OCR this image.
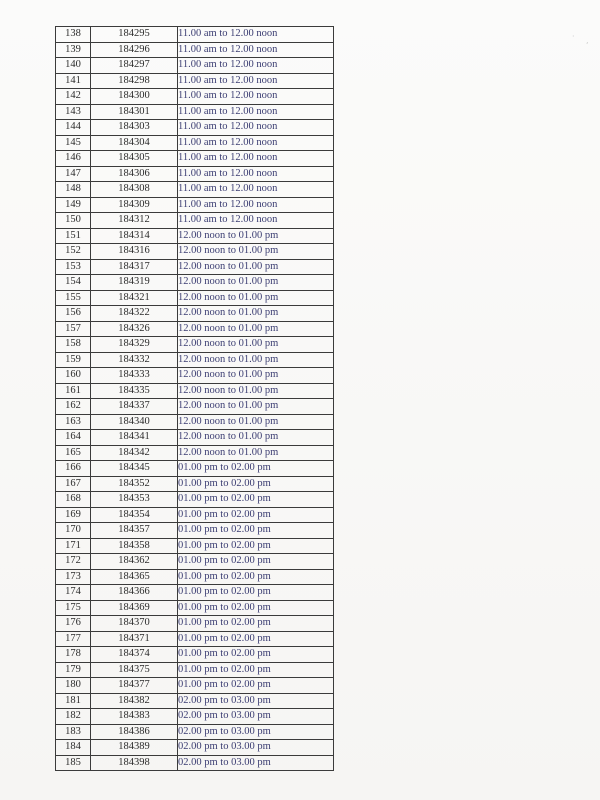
· ,
138	184295	11.00 am to 12.00 noon
139	184296	11.00 am to 12.00 noon
140	184297	11.00 am to 12.00 noon
141	184298	11.00 am to 12.00 noon
142	184300	11.00 am to 12.00 noon
143	184301	11.00 am to 12.00 noon
144	184303	11.00 am to 12.00 noon
145	184304	11.00 am to 12.00 noon
146	184305	11.00 am to 12.00 noon
147	184306	11.00 am to 12.00 noon
148	184308	11.00 am to 12.00 noon
149	184309	11.00 am to 12.00 noon
150	184312	11.00 am to 12.00 noon
151	184314	12.00 noon to 01.00 pm
152	184316	12.00 noon to 01.00 pm
153	184317	12.00 noon to 01.00 pm
154	184319	12.00 noon to 01.00 pm
155	184321	12.00 noon to 01.00 pm
156	184322	12.00 noon to 01.00 pm
157	184326	12.00 noon to 01.00 pm
158	184329	12.00 noon to 01.00 pm
159	184332	12.00 noon to 01.00 pm
160	184333	12.00 noon to 01.00 pm
161	184335	12.00 noon to 01.00 pm
162	184337	12.00 noon to 01.00 pm
163	184340	12.00 noon to 01.00 pm
164	184341	12.00 noon to 01.00 pm
165	184342	12.00 noon to 01.00 pm
166	184345	01.00 pm to 02.00 pm
167	184352	01.00 pm to 02.00 pm
168	184353	01.00 pm to 02.00 pm
169	184354	01.00 pm to 02.00 pm
170	184357	01.00 pm to 02.00 pm
171	184358	01.00 pm to 02.00 pm
172	184362	01.00 pm to 02.00 pm
173	184365	01.00 pm to 02.00 pm
174	184366	01.00 pm to 02.00 pm
175	184369	01.00 pm to 02.00 pm
176	184370	01.00 pm to 02.00 pm
177	184371	01.00 pm to 02.00 pm
178	184374	01.00 pm to 02.00 pm
179	184375	01.00 pm to 02.00 pm
180	184377	01.00 pm to 02.00 pm
181	184382	02.00 pm to 03.00 pm
182	184383	02.00 pm to 03.00 pm
183	184386	02.00 pm to 03.00 pm
184	184389	02.00 pm to 03.00 pm
185	184398	02.00 pm to 03.00 pm
